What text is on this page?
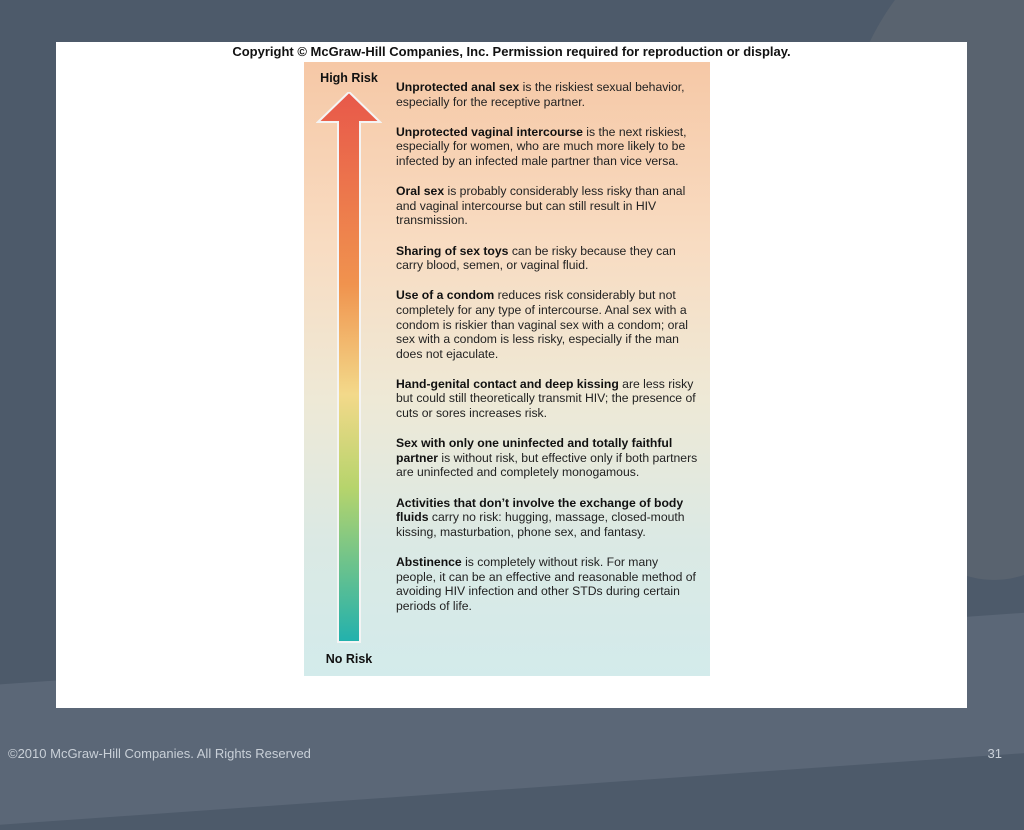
Copyright © McGraw-Hill Companies, Inc. Permission required for reproduction or display.
High Risk
No Risk
Unprotected anal sex is the riskiest sexual behavior, especially for the receptive partner.
Unprotected vaginal intercourse is the next riskiest, especially for women, who are much more likely to be infected by an infected male partner than vice versa.
Oral sex is probably considerably less risky than anal and vaginal intercourse but can still result in HIV transmission.
Sharing of sex toys can be risky because they can carry blood, semen, or vaginal fluid.
Use of a condom reduces risk considerably but not completely for any type of intercourse. Anal sex with a condom is riskier than vaginal sex with a condom; oral sex with a condom is less risky, especially if the man does not ejaculate.
Hand-genital contact and deep kissing are less risky but could still theoretically transmit HIV; the presence of cuts or sores increases risk.
Sex with only one uninfected and totally faithful partner is without risk, but effective only if both partners are uninfected and completely monogamous.
Activities that don’t involve the exchange of body fluids carry no risk: hugging, massage, closed-mouth kissing, masturbation, phone sex, and fantasy.
Abstinence is completely without risk. For many people, it can be an effective and reasonable method of avoiding HIV infection and other STDs during certain periods of life.
©2010 McGraw-Hill Companies. All Rights Reserved	31
